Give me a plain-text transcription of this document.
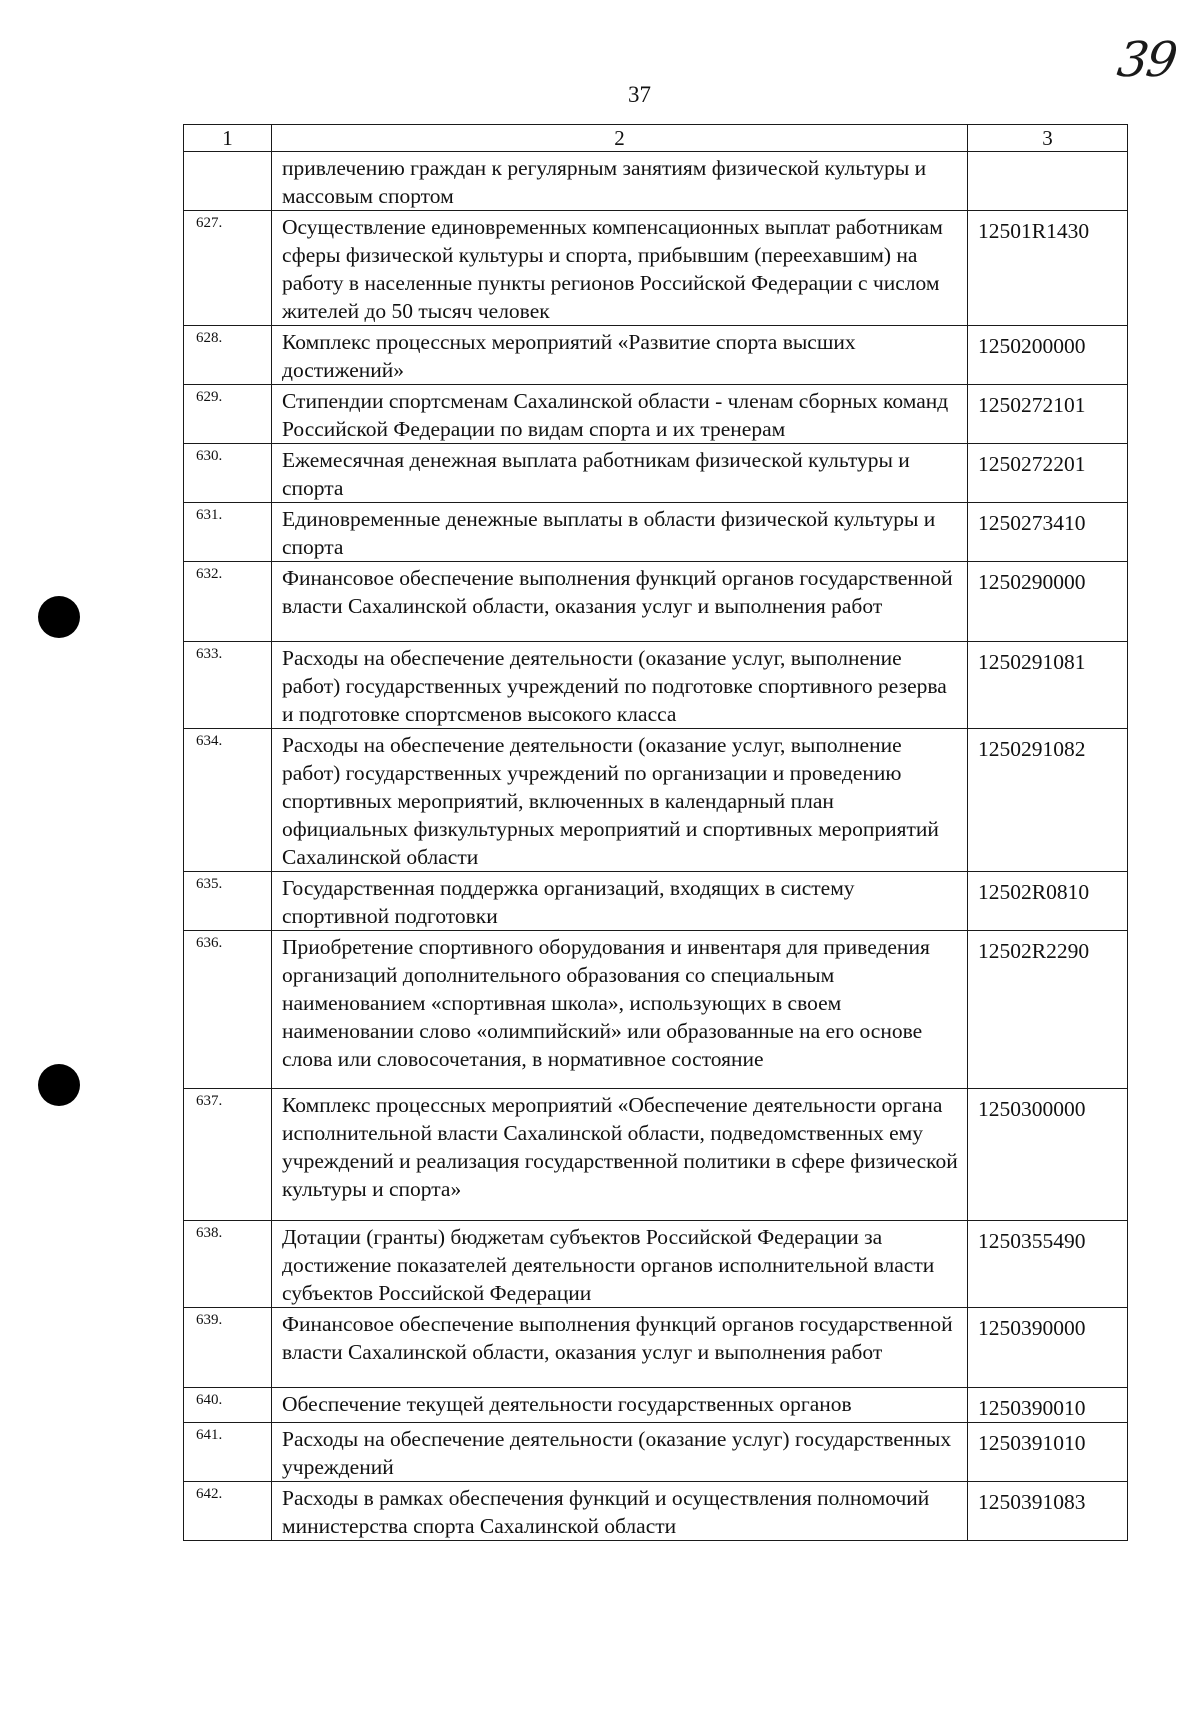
39
37
1	2	3
	привлечению граждан к регулярным занятиям физической культуры и массовым спортом	
627.	Осуществление единовременных компенсационных выплат работникам сферы физической культуры и спорта, прибывшим (переехавшим) на работу в населенные пункты регионов Российской Федерации с числом жителей до 50 тысяч человек	12501R1430
628.	Комплекс процессных мероприятий «Развитие спорта высших достижений»	1250200000
629.	Стипендии спортсменам Сахалинской области - членам сборных команд Российской Федерации по видам спорта и их тренерам	1250272101
630.	Ежемесячная денежная выплата работникам физической культуры и спорта	1250272201
631.	Единовременные денежные выплаты в области физической культуры и спорта	1250273410
632.	Финансовое обеспечение выполнения функций органов государственной власти Сахалинской области, оказания услуг и выполнения работ	1250290000
633.	Расходы на обеспечение деятельности (оказание услуг, выполнение работ) государственных учреждений по подготовке спортивного резерва и подготовке спортсменов высокого класса	1250291081
634.	Расходы на обеспечение деятельности (оказание услуг, выполнение работ) государственных учреждений по организации и проведению спортивных мероприятий, включенных в календарный план официальных физкультурных мероприятий и спортивных мероприятий Сахалинской области	1250291082
635.	Государственная поддержка организаций, входящих в систему спортивной подготовки	12502R0810
636.	Приобретение спортивного оборудования и инвентаря для приведения организаций дополнительного образования со специальным наименованием «спортивная школа», использующих в своем наименовании слово «олимпийский» или образованные на его основе слова или словосочетания, в нормативное состояние	12502R2290
637.	Комплекс процессных мероприятий «Обеспечение деятельности органа исполнительной власти Сахалинской области, подведомственных ему учреждений и реализация государственной политики в сфере физической культуры и спорта»	1250300000
638.	Дотации (гранты) бюджетам субъектов Российской Федерации за достижение показателей деятельности органов исполнительной власти субъектов Российской Федерации	1250355490
639.	Финансовое обеспечение выполнения функций органов государственной власти Сахалинской области, оказания услуг и выполнения работ	1250390000
640.	Обеспечение текущей деятельности государственных органов	1250390010
641.	Расходы на обеспечение деятельности (оказание услуг) государственных учреждений	1250391010
642.	Расходы в рамках обеспечения функций и осуществления полномочий министерства спорта Сахалинской области	1250391083
